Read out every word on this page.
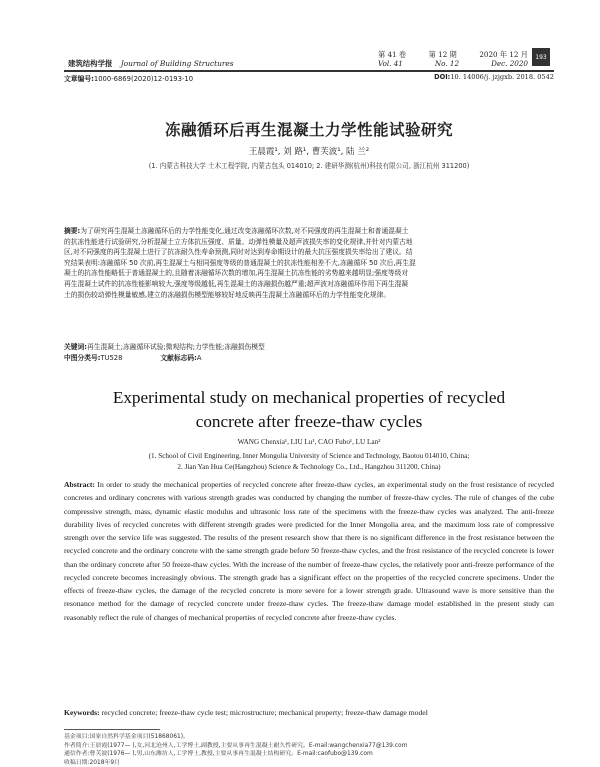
建筑结构学报 Journal of Building Structures
第 41 卷	第 12 期	2020 年 12 月
Vol. 41	No. 12	Dec. 2020
193
文章编号:1000-6869(2020)12-0193-10	DOI:10. 14006/j. jzjgxb. 2018. 0542
冻融循环后再生混凝土力学性能试验研究
王晨霞¹, 刘 路¹, 曹芙波¹, 陆 兰²
(1. 内蒙古科技大学 土木工程学院, 内蒙古包头 014010; 2. 建研华测(杭州)科技有限公司, 浙江杭州 311200)
摘要:为了研究再生混凝土冻融循环后的力学性能变化,通过改变冻融循环次数,对不同强度的再生混凝土和普通混凝土
的抗冻性能进行试验研究,分析混凝土立方体抗压强度、质量、动弹性模量及超声波损失率的变化规律,并针对内蒙古地
区,对不同强度的再生混凝土进行了抗冻耐久性寿命预测,同时对达到寿命期设计的最大抗压强度损失率给出了建议。结
究结果表明:冻融循环 50 次前,再生混凝土与相同强度等级的普通混凝土的抗冻性能相差不大,冻融循环 50 次后,再生混
凝土的抗冻性能略低于普通混凝土的,且随着冻融循环次数的增加,再生混凝土抗冻性能的劣势越来越明显;强度等级对
再生混凝土试件的抗冻性能影响较大,强度等级越低,再生混凝土的冻融损伤越严重;超声波对冻融循环作用下再生混凝
土的损伤较动弹性模量敏感,建立的冻融损伤模型能够较好地反映再生混凝土冻融循环后的力学性能变化规律。
关键词:再生混凝土;冻融循环试验;微观结构;力学性能;冻融损伤模型
中图分类号:TU528	文献标志码:A
Experimental study on mechanical properties of recycled
concrete after freeze-thaw cycles
WANG Chenxia¹, LIU Lu¹, CAO Fubo¹, LU Lan²
(1. School of Civil Engineering, Inner Mongolia University of Science and Technology, Baotou 014010, China;
2. Jian Yan Hua Ce(Hangzhou) Science & Technology Co., Ltd., Hangzhou 311200, China)
Abstract: In order to study the mechanical properties of recycled concrete after freeze-thaw cycles, an experimental study on the frost resistance of recycled concretes and ordinary concretes with various strength grades was conducted by changing the number of freeze-thaw cycles. The rule of changes of the cube compressive strength, mass, dynamic elastic modulus and ultrasonic loss rate of the specimens with the freeze-thaw cycles was analyzed. The anti-freeze durability lives of recycled concretes with different strength grades were predicted for the Inner Mongolia area, and the maximum loss rate of compressive strength over the service life was suggested. The results of the present research show that there is no significant difference in the frost resistance between the recycled concrete and the ordinary concrete with the same strength grade before 50 freeze-thaw cycles, and the frost resistance of the recycled concrete is lower than the ordinary concrete after 50 freeze-thaw cycles. With the increase of the number of freeze-thaw cycles, the relatively poor anti-freeze performance of the recycled concrete becomes increasingly obvious. The strength grade has a significant effect on the properties of the recycled concrete specimens. Under the effects of freeze-thaw cycles, the damage of the recycled concrete is more severe for a lower strength grade. Ultrasound wave is more sensitive than the resonance method for the damage of recycled concrete under freeze-thaw cycles. The freeze-thaw damage model established in the present study can reasonably reflect the rule of changes of mechanical properties of recycled concrete after freeze-thaw cycles.
Keywords: recycled concrete; freeze-thaw cycle test; microstructure; mechanical property; freeze-thaw damage model
基金项目:国家自然科学基金项目(51868061)。
作者简介:王晨霞(1977— ),女,河北沧州人,工学博士,副教授,主要从事再生混凝土耐久性研究。E-mail:wangchenxia77@139.com
通信作者:曹芙波(1976— ),男,山东潍坊人,工学博士,教授,主要从事再生混凝土结构研究。E-mail:caofubo@139.com
收稿日期:2018年9月
